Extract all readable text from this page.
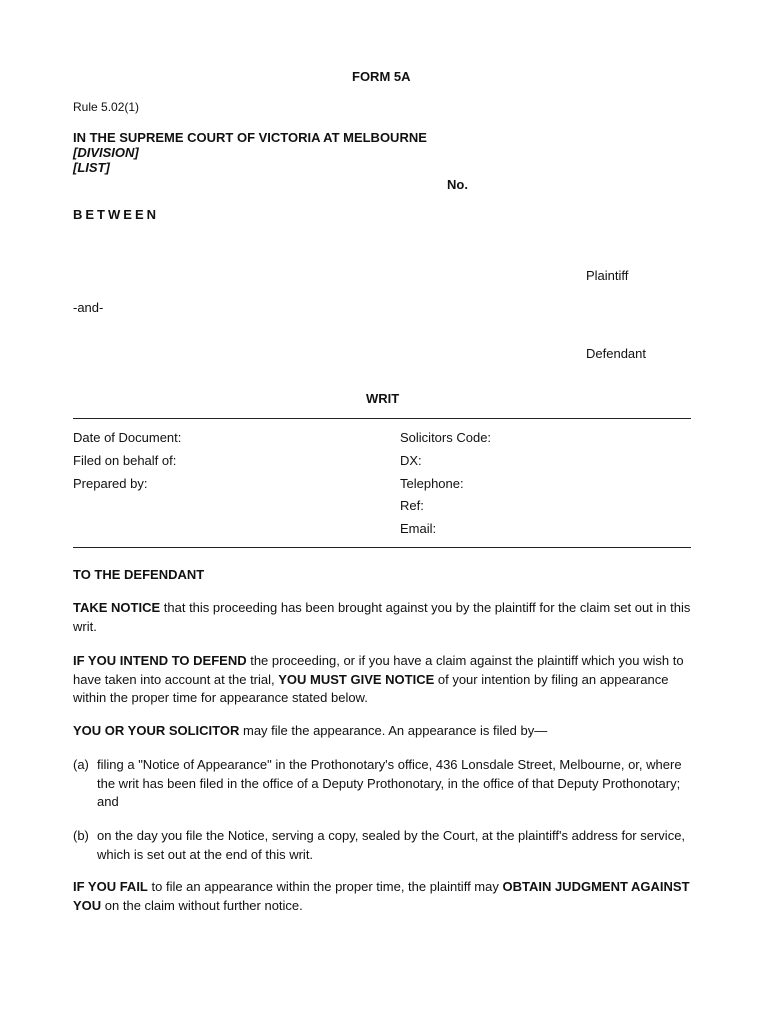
FORM 5A
Rule 5.02(1)
IN THE SUPREME COURT OF VICTORIA AT MELBOURNE
[DIVISION]
[LIST]
No.
BETWEEN
Plaintiff
-and-
Defendant
WRIT
Date of Document:
Filed on behalf of:
Prepared by:
Solicitors Code:
DX:
Telephone:
Ref:
Email:
TO THE DEFENDANT
TAKE NOTICE that this proceeding has been brought against you by the plaintiff for the claim set out in this writ.
IF YOU INTEND TO DEFEND the proceeding, or if you have a claim against the plaintiff which you wish to have taken into account at the trial, YOU MUST GIVE NOTICE of your intention by filing an appearance within the proper time for appearance stated below.
YOU OR YOUR SOLICITOR may file the appearance. An appearance is filed by—
(a) filing a "Notice of Appearance" in the Prothonotary's office, 436 Lonsdale Street, Melbourne, or, where the writ has been filed in the office of a Deputy Prothonotary, in the office of that Deputy Prothonotary; and
(b) on the day you file the Notice, serving a copy, sealed by the Court, at the plaintiff's address for service, which is set out at the end of this writ.
IF YOU FAIL to file an appearance within the proper time, the plaintiff may OBTAIN JUDGMENT AGAINST YOU on the claim without further notice.
